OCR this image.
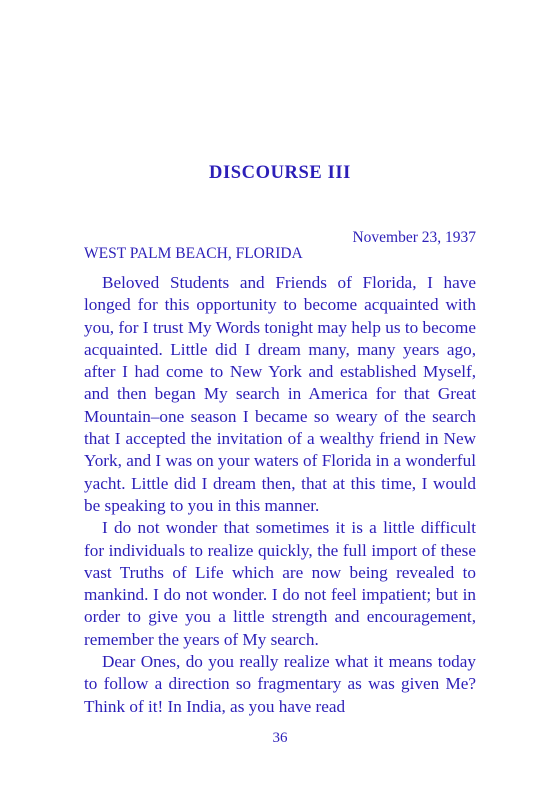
DISCOURSE III
November 23, 1937
WEST PALM BEACH, FLORIDA

Beloved Students and Friends of Florida, I have longed for this opportunity to become acquainted with you, for I trust My Words tonight may help us to become acquainted. Little did I dream many, many years ago, after I had come to New York and established Myself, and then began My search in America for that Great Mountain–one season I became so weary of the search that I accepted the invitation of a wealthy friend in New York, and I was on your waters of Florida in a wonderful yacht. Little did I dream then, that at this time, I would be speaking to you in this manner.

I do not wonder that sometimes it is a little difficult for individuals to realize quickly, the full import of these vast Truths of Life which are now being revealed to mankind. I do not wonder. I do not feel impatient; but in order to give you a little strength and encouragement, remember the years of My search.

Dear Ones, do you really realize what it means today to follow a direction so fragmentary as was given Me? Think of it! In India, as you have read

36
